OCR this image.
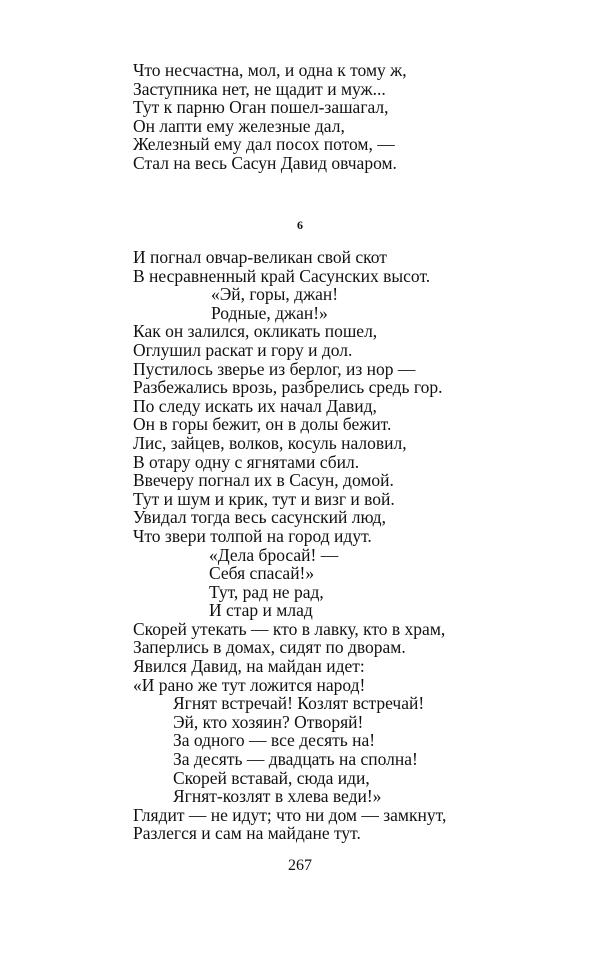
Что несчастна, мол, и одна к тому ж,
Заступника нет, не щадит и муж...
Тут к парню Оган пошел-зашагал,
Он лапти ему железные дал,
Железный ему дал посох потом, —
Стал на весь Сасун Давид овчаром.
6
И погнал овчар-великан свой скот
В несравненный край Сасунских высот.
«Эй, горы, джан!
Родные, джан!»
Как он залился, окликать пошел,
Оглушил раскат и гору и дол.
Пустилось зверье из берлог, из нор —
Разбежались врозь, разбрелись средь гор.
По следу искать их начал Давид,
Он в горы бежит, он в долы бежит.
Лис, зайцев, волков, косуль наловил,
В отару одну с ягнятами сбил.
Ввечеру погнал их в Сасун, домой.
Тут и шум и крик, тут и визг и вой.
Увидал тогда весь сасунский люд,
Что звери толпой на город идут.
«Дела бросай! —
Себя спасай!»
Тут, рад не рад,
И стар и млад
Скорей утекать — кто в лавку, кто в храм,
Заперлись в домах, сидят по дворам.
Явился Давид, на майдан идет:
«И рано же тут ложится народ!
Ягнят встречай! Козлят встречай!
Эй, кто хозяин? Отворяй!
За одного — все десять на!
За десять — двадцать на сполна!
Скорей вставай, сюда иди,
Ягнят-козлят в хлева веди!»
Глядит — не идут; что ни дом — замкнут,
Разлегся и сам на майдане тут.
267
